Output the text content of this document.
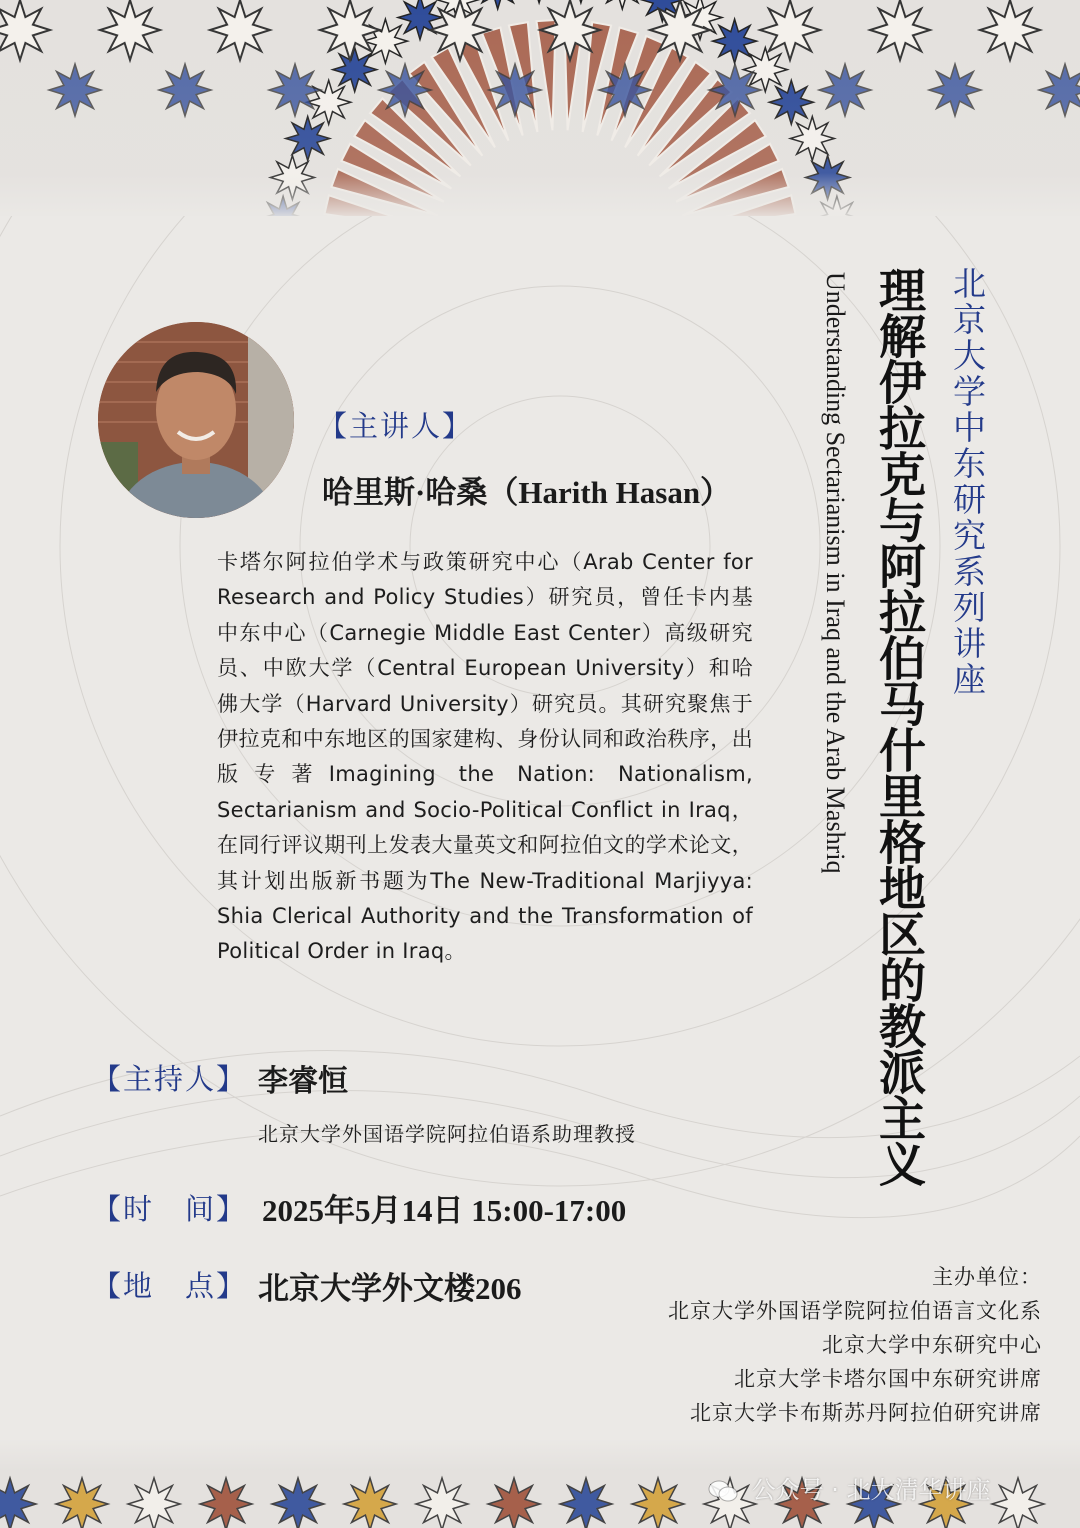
北京大学中东研究系列讲座
理解伊拉克与阿拉伯马什里格地区的教派主义
Understanding Sectarianism in Iraq and the Arab Mashriq
【主讲人】
哈里斯·哈桑（Harith Hasan）
卡塔尔阿拉伯学术与政策研究中心（Arab Center for Research and Policy Studies）研究员，曾任卡内基中东中心（Carnegie Middle East Center）高级研究员、中欧大学（Central European University）和哈佛大学（Harvard University）研究员。其研究聚焦于伊拉克和中东地区的国家建构、身份认同和政治秩序，出版专著Imagining the Nation: Nationalism, Sectarianism and Socio-Political Conflict in Iraq，在同行评议期刊上发表大量英文和阿拉伯文的学术论文，其计划出版新书题为The New-Traditional Marjiyya: Shia Clerical Authority and the Transformation of Political Order in Iraq。
【主持人】 李睿恒
北京大学外国语学院阿拉伯语系助理教授
【时　间】 2025年5月14日 15:00-17:00
【地　点】 北京大学外文楼206	主办单位：
北京大学外国语学院阿拉伯语言文化系
北京大学中东研究中心
北京大学卡塔尔国中东研究讲席
北京大学卡布斯苏丹阿拉伯研究讲席
公众号 · 北大清华讲座
